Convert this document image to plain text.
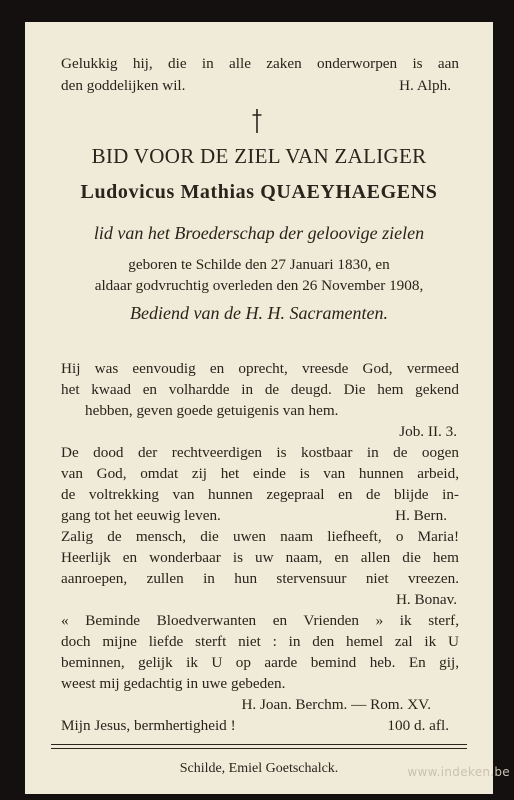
Gelukkig hij, die in alle zaken onderworpen is aan
den goddelijken wil.	H. Alph.
BID VOOR DE ZIEL VAN ZALIGER
Ludovicus Mathias QUAEYHAEGENS
lid van het Broederschap der geloovige zielen
geboren te Schilde den 27 Januari 1830, en
aldaar godvruchtig overleden den 26 November 1908,
Bediend van de H. H. Sacramenten.
Hij was eenvoudig en oprecht, vreesde God, vermeed
het kwaad en volhardde in de deugd. Die hem gekend
hebben, geven goede getuigenis van hem.
Job. II. 3.
De dood der rechtveerdigen is kostbaar in de oogen
van God, omdat zij het einde is van hunnen arbeid,
de voltrekking van hunnen zegepraal en de blijde in-
gang tot het eeuwig leven.	H. Bern.
Zalig de mensch, die uwen naam liefheeft, o Maria!
Heerlijk en wonderbaar is uw naam, en allen die hem
aanroepen, zullen in hun stervensuur niet vreezen.
H. Bonav.
« Beminde Bloedverwanten en Vrienden » ik sterf,
doch mijne liefde sterft niet : in den hemel zal ik U
beminnen, gelijk ik U op aarde bemind heb. En gij,
weest mij gedachtig in uwe gebeden.
H. Joan. Berchm. — Rom. XV.
Mijn Jesus, bermhertigheid !	100 d. afl.
Schilde, Emiel Goetschalck.	www.indeken.be
